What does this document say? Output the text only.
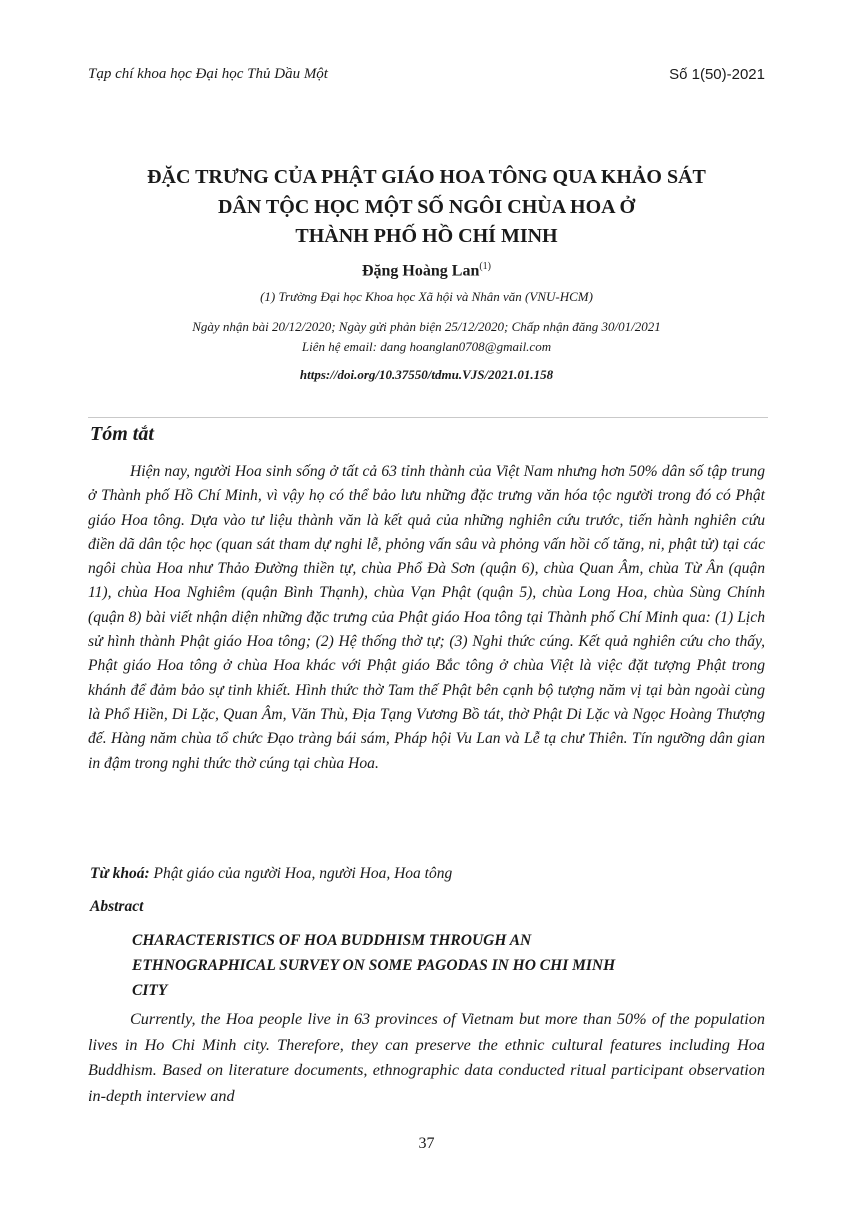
Tạp chí khoa học Đại học Thủ Dầu Một	Số 1(50)-2021
ĐẶC TRƯNG CỦA PHẬT GIÁO HOA TÔNG QUA KHẢO SÁT
DÂN TỘC HỌC MỘT SỐ NGÔI CHÙA HOA Ở
THÀNH PHỐ HỒ CHÍ MINH
Đặng Hoàng Lan$^{(1)}$
(1) Trường Đại học Khoa học Xã hội và Nhân văn (VNU-HCM)
Ngày nhận bài 20/12/2020; Ngày gửi phản biện 25/12/2020; Chấp nhận đăng 30/01/2021
Liên hệ email: dang hoanglan0708@gmail.com
https://doi.org/10.37550/tdmu.VJS/2021.01.158
Tóm tắt

Hiện nay, người Hoa sinh sống ở tất cả 63 tỉnh thành của Việt Nam nhưng hơn 50% dân số tập trung ở Thành phố Hồ Chí Minh, vì vậy họ có thể bảo lưu những đặc trưng văn hóa tộc người trong đó có Phật giáo Hoa tông. Dựa vào tư liệu thành văn là kết quả của những nghiên cứu trước, tiến hành nghiên cứu điền dã dân tộc học (quan sát tham dự nghi lễ, phỏng vấn sâu và phỏng vấn hồi cố tăng, ni, phật tử) tại các ngôi chùa Hoa như Thảo Đường thiền tự, chùa Phổ Đà Sơn (quận 6), chùa Quan Âm, chùa Từ Ân (quận 11), chùa Hoa Nghiêm (quận Bình Thạnh), chùa Vạn Phật (quận 5), chùa Long Hoa, chùa Sùng Chính (quận 8) bài viết nhận diện những đặc trưng của Phật giáo Hoa tông tại Thành phố Chí Minh qua: (1) Lịch sử hình thành Phật giáo Hoa tông; (2) Hệ thống thờ tự; (3) Nghi thức cúng. Kết quả nghiên cứu cho thấy, Phật giáo Hoa tông ở chùa Hoa khác với Phật giáo Bắc tông ở chùa Việt là việc đặt tượng Phật trong khánh để đảm bảo sự tinh khiết. Hình thức thờ Tam thế Phật bên cạnh bộ tượng năm vị tại bàn ngoài cùng là Phổ Hiền, Di Lặc, Quan Âm, Văn Thù, Địa Tạng Vương Bồ tát, thờ Phật Di Lặc và Ngọc Hoàng Thượng đế. Hàng năm chùa tổ chức Đạo tràng bái sám, Pháp hội Vu Lan và Lễ tạ chư Thiên. Tín ngưỡng dân gian in đậm trong nghi thức thờ cúng tại chùa Hoa.

Từ khoá: Phật giáo của người Hoa, người Hoa, Hoa tông
Abstract

CHARACTERISTICS OF HOA BUDDHISM THROUGH AN
ETHNOGRAPHICAL SURVEY ON SOME PAGODAS IN HO CHI MINH
CITY

Currently, the Hoa people live in 63 provinces of Vietnam but more than 50% of the population lives in Ho Chi Minh city. Therefore, they can preserve the ethnic cultural features including Hoa Buddhism. Based on literature documents, ethnographic data conducted ritual participant observation in-depth interview and

37
